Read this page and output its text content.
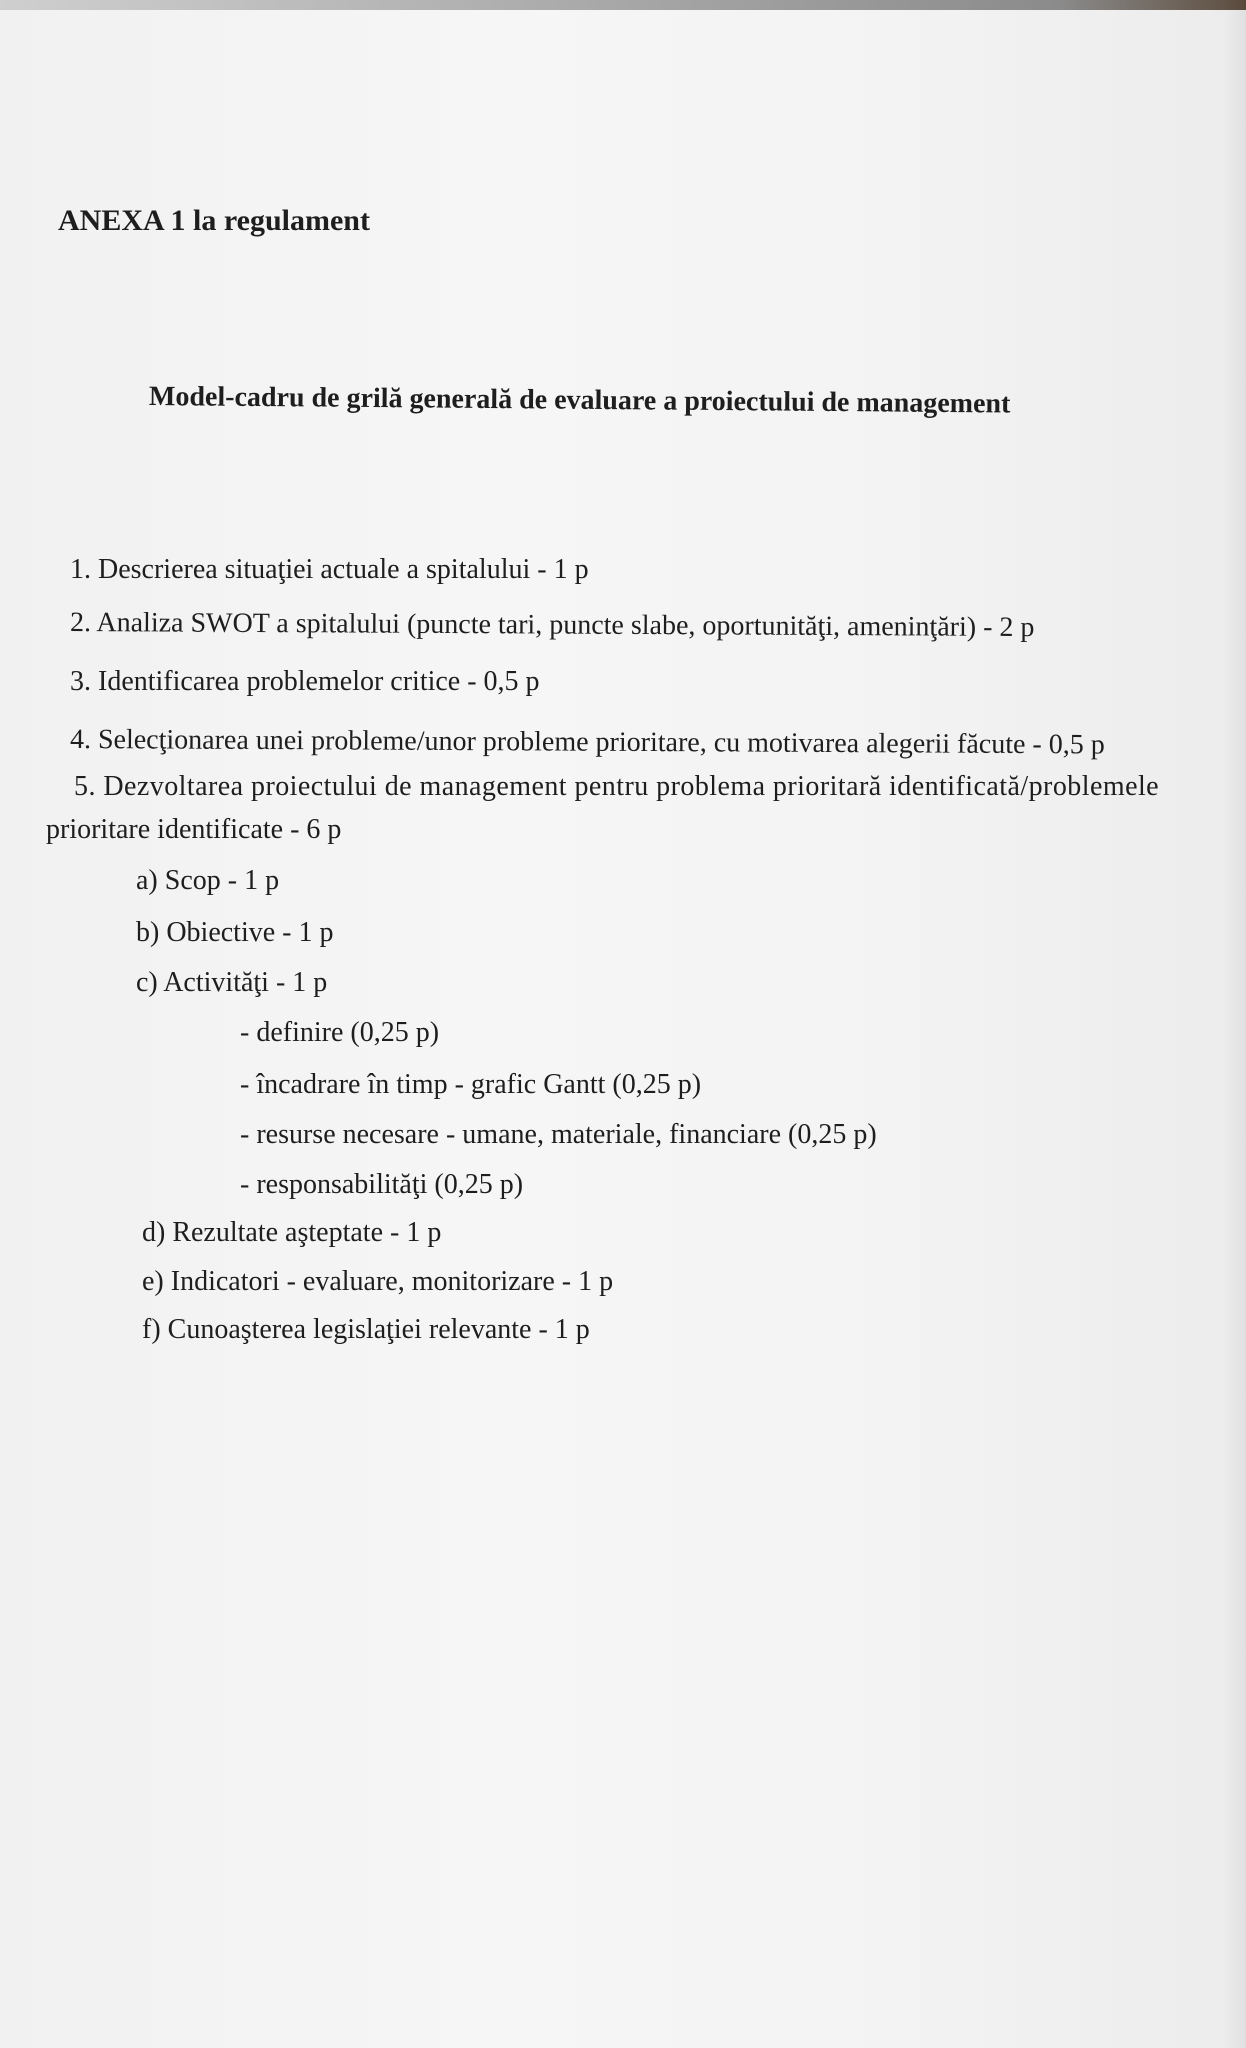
ANEXA 1 la regulament
Model-cadru de grilă generală de evaluare a proiectului de management
1. Descrierea situaţiei actuale a spitalului - 1 p
2. Analiza SWOT a spitalului (puncte tari, puncte slabe, oportunităţi, ameninţări) - 2 p
3. Identificarea problemelor critice - 0,5 p
4. Selecţionarea unei probleme/unor probleme prioritare, cu motivarea alegerii făcute - 0,5 p
5. Dezvoltarea proiectului de management pentru problema prioritară identificată/problemele
prioritare identificate - 6 p
a) Scop - 1 p
b) Obiective - 1 p
c) Activităţi - 1 p
- definire (0,25 p)
- încadrare în timp - grafic Gantt (0,25 p)
- resurse necesare - umane, materiale, financiare (0,25 p)
- responsabilităţi (0,25 p)
d) Rezultate aşteptate - 1 p
e) Indicatori - evaluare, monitorizare - 1 p
f) Cunoaşterea legislaţiei relevante - 1 p
